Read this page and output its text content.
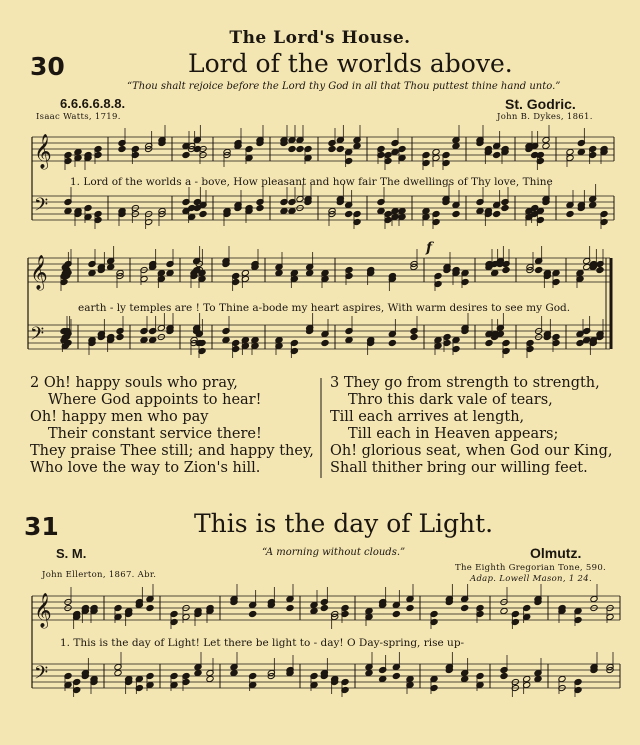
The Lord's House.
30	Lord of the worlds above.
“Thou shalt rejoice before the Lord thy God in all that Thou puttest thine hand unto.”
6.6.6.6.8.8.	St. Godric.
Isaac Watts, 1719.	John B. Dykes, 1861.
𝄞
𝄢
𝄞
𝄢
𝄞
𝄢
1. Lord of the worlds a - bove, How pleasant and how fair The dwellings of Thy love, Thine
earth - ly temples are ! To Thine a-bode my heart aspires, With warm desires to see my God.
f
2 Oh! happy souls who pray,
Where God appoints to hear!
Oh! happy men who pay
Their constant service there!
They praise Thee still; and happy they,
Who love the way to Zion's hill.
3 They go from strength to strength,
Thro this dark vale of tears,
Till each arrives at length,
Till each in Heaven appears;
Oh! glorious seat, when God our King,
Shall thither bring our willing feet.
31	This is the day of Light.
S. M.	“A morning without clouds.”	Olmutz.
John Ellerton, 1867. Abr.
The Eighth Gregorian Tone, 590.
Adap. Lowell Mason, 1 24.
1. This is the day of Light! Let there be light to - day! O Day-spring, rise up-
